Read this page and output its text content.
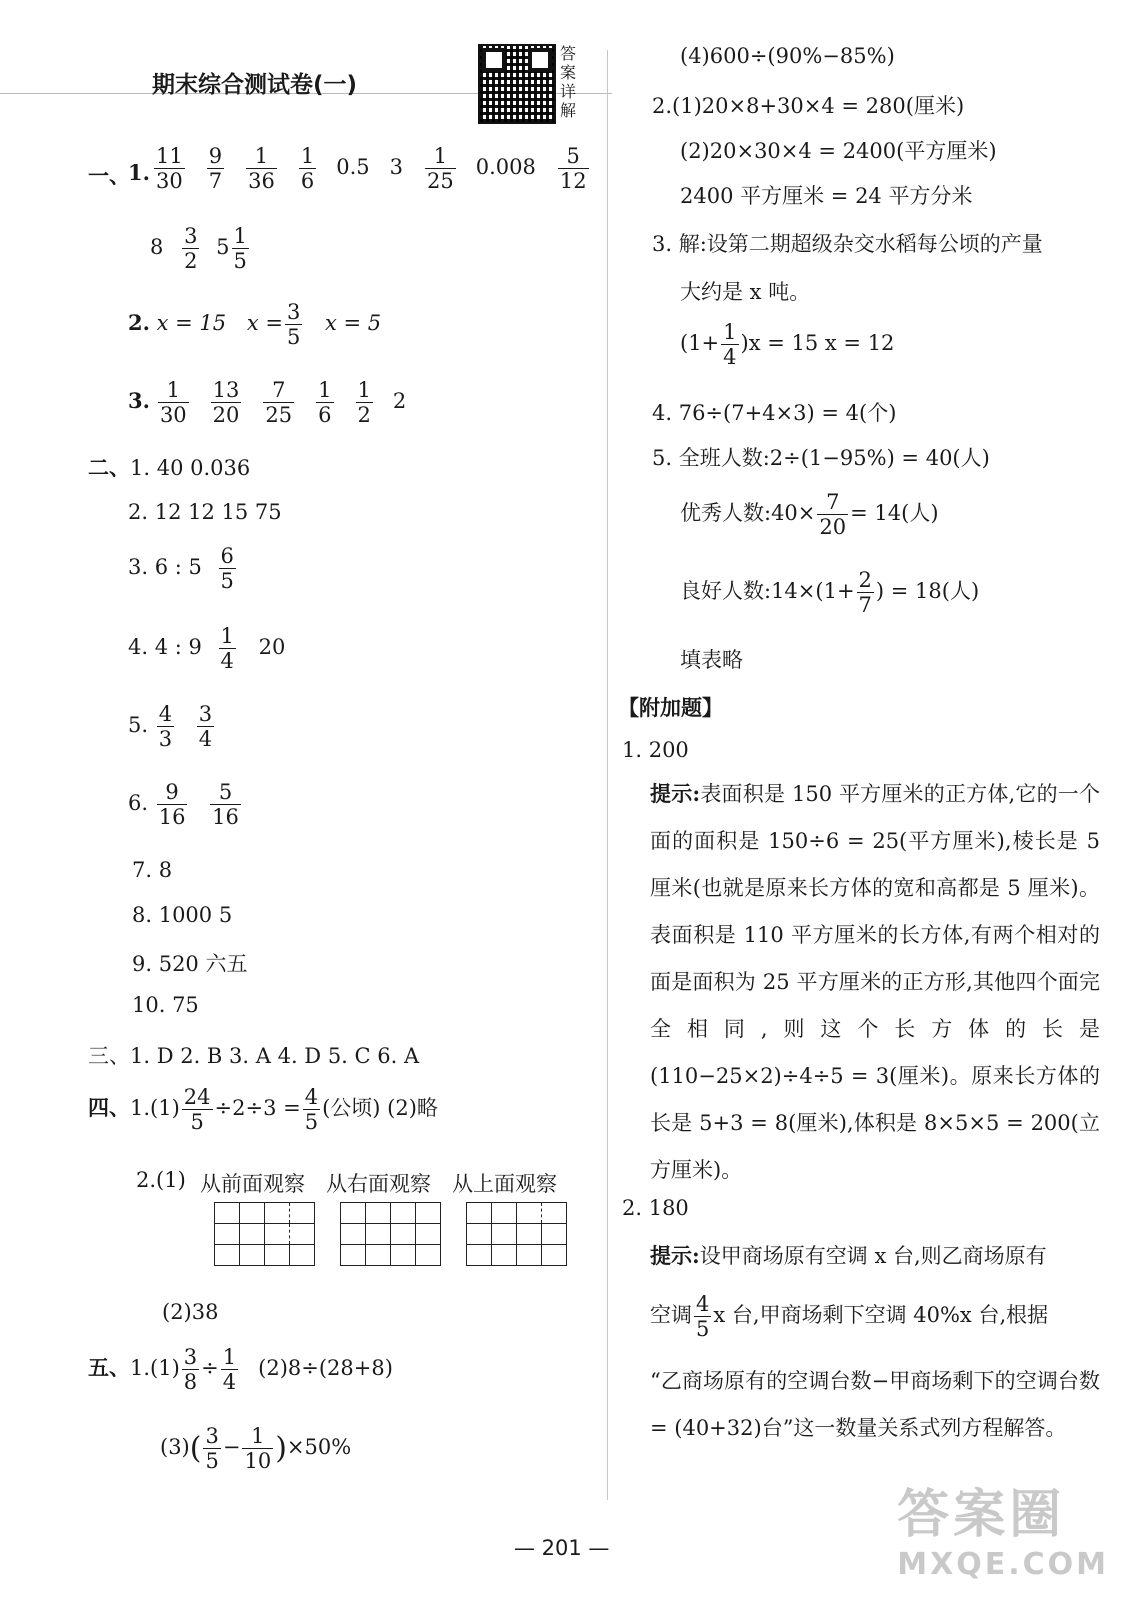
期末综合测试卷(一)
答案详解
一、
1. $\frac{11}{30} \frac{9}{7} \frac{1}{36} \frac{1}{6} 0.5$ $3 \frac{1}{25} 0.008 \frac{5}{12}$
$8 \frac{3}{2} 5 \frac{1}{5}$
2. x = 15 $x = \frac{3}{5}$ x = 5
3. $\frac{1}{30} \frac{13}{20} \frac{7}{25} \frac{1}{6} \frac{1}{2} 2$
二、1. 40 0.036
2. 12 12 15 75
3. 6 : $5 \frac{6}{5}$
4. 4 : $9 \frac{1}{4} 20$
5. $\frac{4}{3}$
$\frac{3}{4}$
6. $\frac{9}{16}$
$\frac{5}{16}$
7. 8
8. 1000 5
9. 520 六五
10. 75
三、1. D 2. B 3. A 4. D 5. C 6. A
四、$1.(1) \frac{24}{5} \div 2\div 3 = \frac{4}{5}$ (公顷) (2)略
2.(1) 从前面观察 从右面观察 从上面观察

(2)38
五、$1.(1) \frac{3}{8} \div \frac{1}{4} (2)8\div(28+8)$
$(3)( \frac{3}{5} - \frac{1}{10} )\times 50\%$
(4)600÷(90%−85%)
2.(1)20×8+30×4 = 280(厘米)
(2)20×30×4 = 2400(平方厘米)
2400 平方厘米 = 24 平方分米
3. 解:设第二期超级杂交水稻每公顷的产量
大约是 x 吨。
$(1+ \frac{1}{4} )x = 15$ x = 12
4. 76÷(7+4×3) = 4(个)
5. 全班人数:2÷(1−95%) = 40(人)
优秀人数:40× $\frac{7}{20} = 14$(人)
良好人数:14×(1+ $\frac{2}{7}$ ) = 18(人)
填表略
【附加题】
1. 200
提示:表面积是 150 平方厘米的正方体,它的一个面的面积是 150÷6 = 25(平方厘米),棱长是 5 厘米(也就是原来长方体的宽和高都是 5 厘米)。表面积是 110 平方厘米的长方体,有两个相对的面是面积为 25 平方厘米的正方形,其他四个面完全相同,则这个长方体的长是(110−25×2)÷4÷5 = 3(厘米)。原来长方体的长是 5+3 = 8(厘米),体积是 8×5×5 = 200(立方厘米)。
2. 180
提示:设甲商场原有空调 x 台,则乙商场原有
空调 $\frac{4}{5}$ x 台,甲商场剩下空调 40%x 台,根据
“乙商场原有的空调台数−甲商场剩下的空调台数 = (40+32)台”这一数量关系式列方程解答。
— 201 —
答案圈
MXQE.COM
